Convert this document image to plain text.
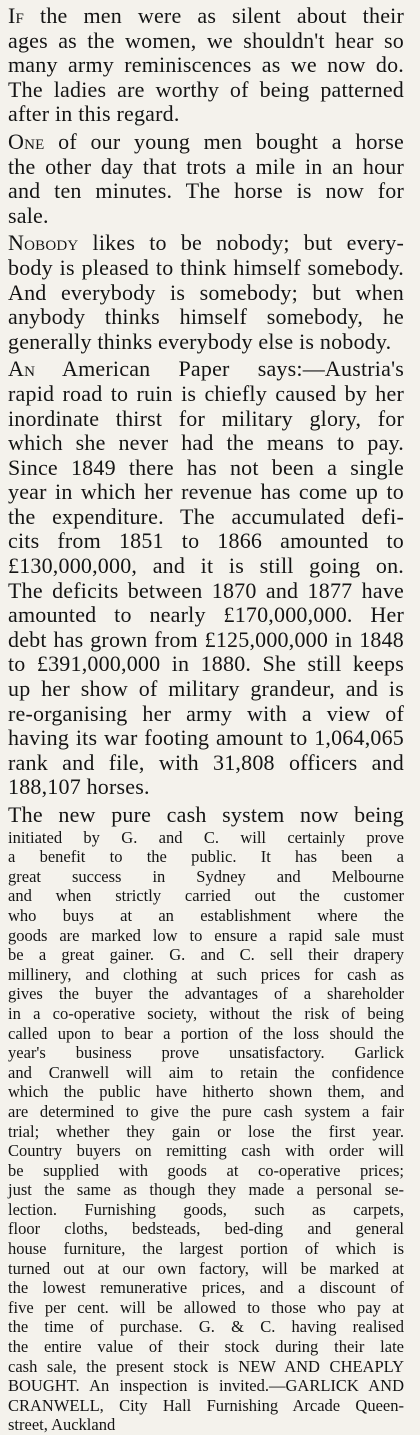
If the men were as silent about their
ages as the women, we shouldn't hear so
many army reminiscences as we now do.
The ladies are worthy of being patterned
after in this regard.

One of our young men bought a horse
the other day that trots a mile in an hour
and ten minutes. The horse is now for
sale.

Nobody likes to be nobody; but every-
body is pleased to think himself somebody.
And everybody is somebody; but when
anybody thinks himself somebody, he
generally thinks everybody else is nobody.

An American Paper says:—Austria's
rapid road to ruin is chiefly caused by her
inordinate thirst for military glory, for
which she never had the means to pay.
Since 1849 there has not been a single
year in which her revenue has come up to
the expenditure. The accumulated defi-
cits from 1851 to 1866 amounted to
£130,000,000, and it is still going on.
The deficits between 1870 and 1877 have
amounted to nearly £170,000,000. Her
debt has grown from £125,000,000 in 1848
to £391,000,000 in 1880. She still keeps
up her show of military grandeur, and is
re-organising her army with a view of
having its war footing amount to 1,064,065
rank and file, with 31,808 officers and
188,107 horses.

The new pure cash system now being

initiated by G. and C. will certainly prove
a benefit to the public. It has been a
great success in Sydney and Melbourne
and when strictly carried out the customer
who buys at an establishment where the
goods are marked low to ensure a rapid sale must
be a great gainer. G. and C. sell their drapery
millinery, and clothing at such prices for cash as
gives the buyer the advantages of a shareholder
in a co-operative society, without the risk of being
called upon to bear a portion of the loss should the
year's business prove unsatisfactory. Garlick
and Cranwell will aim to retain the confidence
which the public have hitherto shown them, and
are determined to give the pure cash system a fair
trial; whether they gain or lose the first year.
Country buyers on remitting cash with order will
be supplied with goods at co-operative prices;
just the same as though they made a personal se-
lection. Furnishing goods, such as carpets,
floor cloths, bedsteads, bed-ding and general
house furniture, the largest portion of which is
turned out at our own factory, will be marked at
the lowest remunerative prices, and a discount of
five per cent. will be allowed to those who pay at
the time of purchase. G. & C. having realised
the entire value of their stock during their late
cash sale, the present stock is NEW AND CHEAPLY
BOUGHT. An inspection is invited.—GARLICK AND
CRANWELL, City Hall Furnishing Arcade Queen-
street, Auckland
